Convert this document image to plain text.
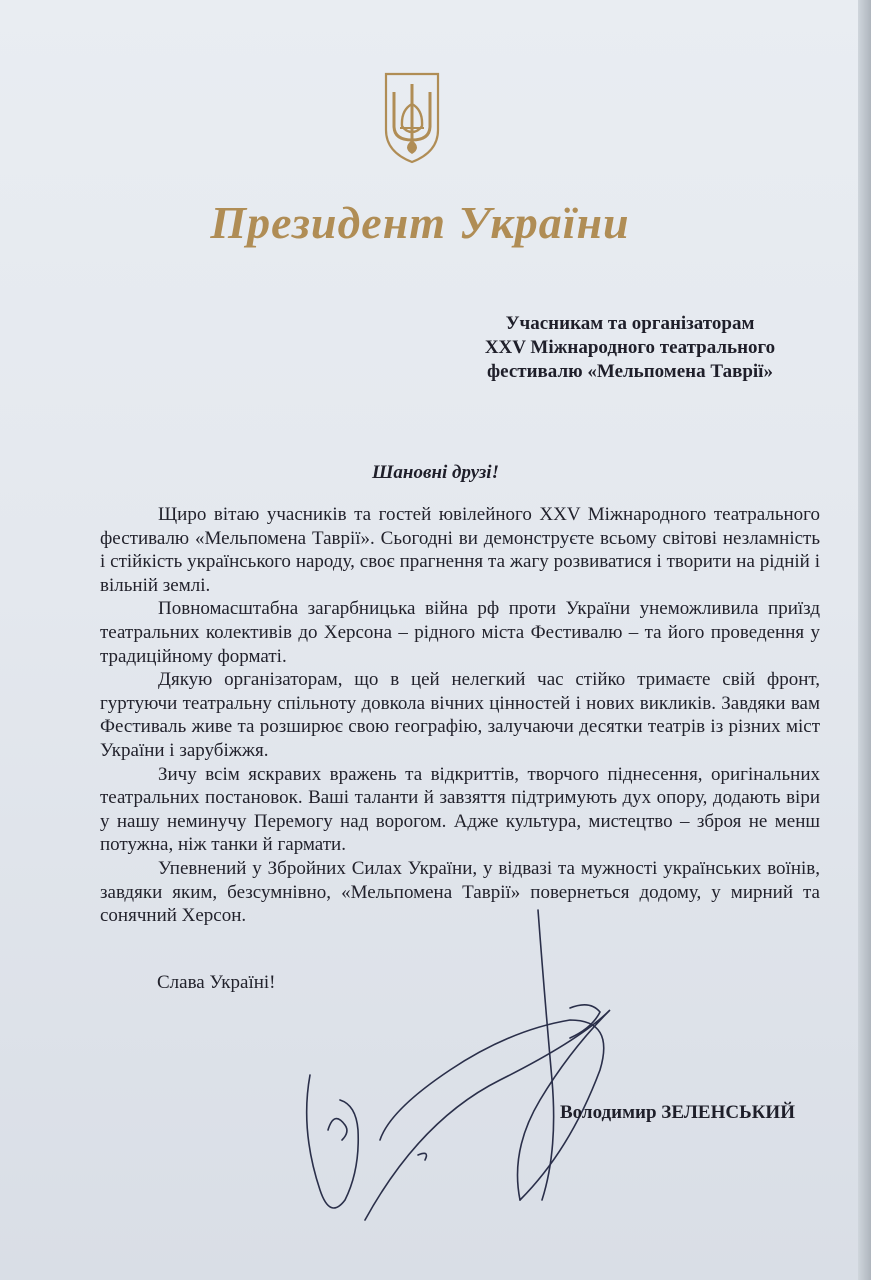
Президент України
Учасникам та організаторам
XXV Міжнародного театрального
фестивалю «Мельпомена Таврії»
Шановні друзі!

Щиро вітаю учасників та гостей ювілейного XXV Міжнародного театрального фестивалю «Мельпомена Таврії». Сьогодні ви демонструєте всьому світові незламність і стійкість українського народу, своє прагнення та жагу розвиватися і творити на рідній і вільній землі.

Повномасштабна загарбницька війна рф проти України унеможливила приїзд театральних колективів до Херсона – рідного міста Фестивалю – та його проведення у традиційному форматі.

Дякую організаторам, що в цей нелегкий час стійко тримаєте свій фронт, гуртуючи театральну спільноту довкола вічних цінностей і нових викликів. Завдяки вам Фестиваль живе та розширює свою географію, залучаючи десятки театрів із різних міст України і зарубіжжя.

Зичу всім яскравих вражень та відкриттів, творчого піднесення, оригінальних театральних постановок. Ваші таланти й завзяття підтримують дух опору, додають віри у нашу неминучу Перемогу над ворогом. Адже культура, мистецтво – зброя не менш потужна, ніж танки й гармати.

Упевнений у Збройних Силах України, у відвазі та мужності українських воїнів, завдяки яким, безсумнівно, «Мельпомена Таврії» повернеться додому, у мирний та сонячний Херсон.

Слава Україні!
Володимир ЗЕЛЕНСЬКИЙ
